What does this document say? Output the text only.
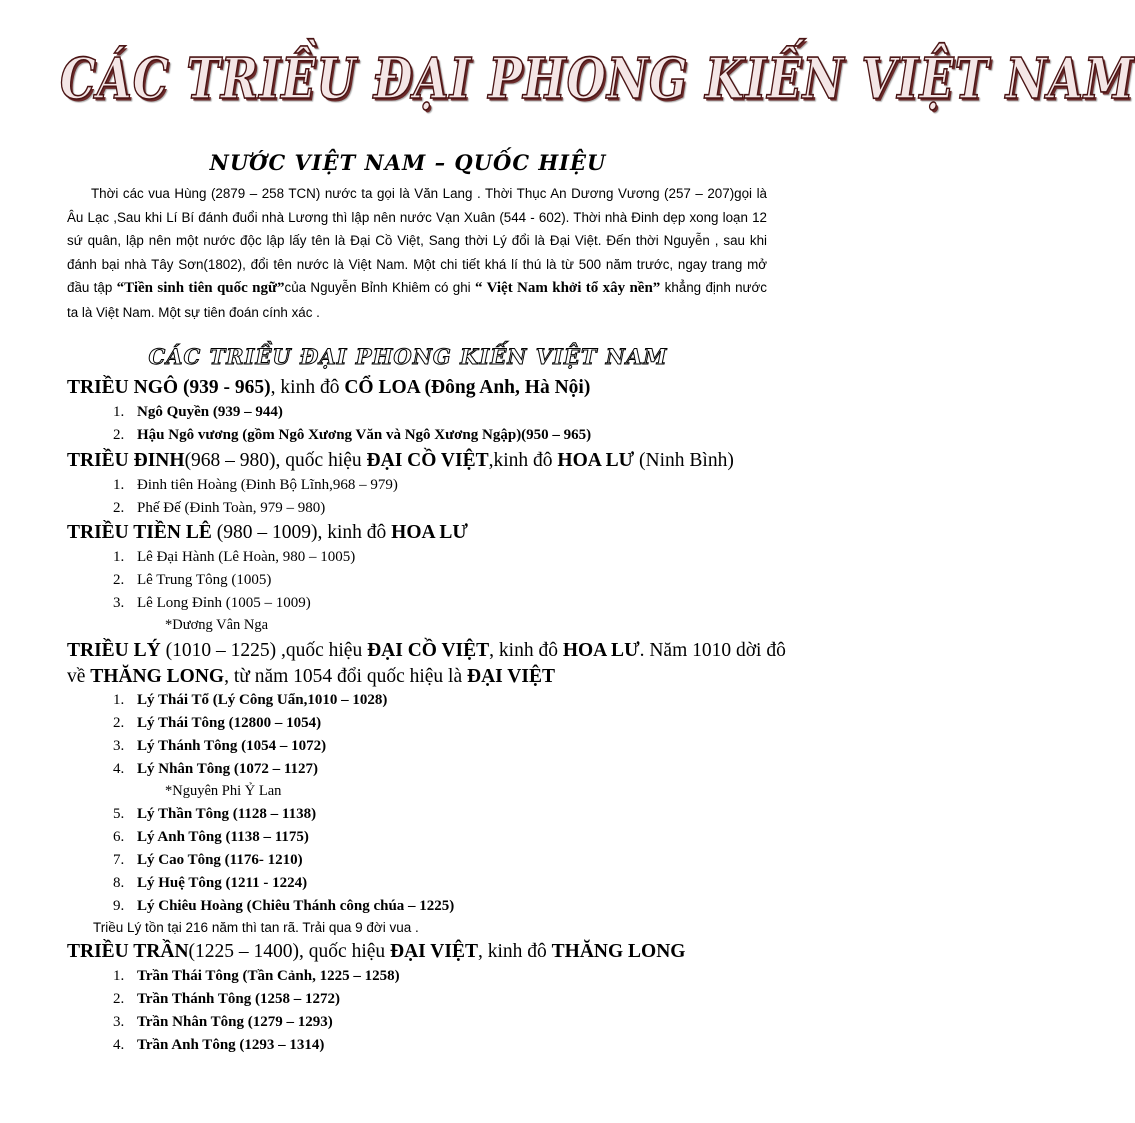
CÁC TRIỀU ĐẠI PHONG KIẾN VIỆT NAM
NƯỚC VIỆT NAM – QUỐC HIỆU

Thời các vua Hùng (2879 – 258 TCN) nước ta gọi là Văn Lang . Thời Thục An Dương Vương (257 – 207)gọi là Âu Lạc ,Sau khi Lí Bí đánh đuổi nhà Lương thì lập nên nước Vạn Xuân (544 - 602). Thời nhà Đinh dẹp xong loạn 12 sứ quân, lập nên một nước độc lập lấy tên là Đại Cồ Việt, Sang thời Lý đổi là Đại Việt. Đến thời Nguyễn , sau khi đánh bại nhà Tây Sơn(1802), đổi tên nước là Việt Nam. Một chi tiết khá lí thú là từ 500 năm trước, ngay trang mở đầu tập “Tiền sinh tiên quốc ngữ”của Nguyễn Bỉnh Khiêm có ghi “ Việt Nam khởi tổ xây nền” khẳng định nước ta là Việt Nam. Một sự tiên đoán cính xác .

CÁC TRIỀU ĐẠI PHONG KIẾN VIỆT NAM
TRIỀU NGÔ (939 - 965), kinh đô CỔ LOA (Đông Anh, Hà Nội)
1. Ngô Quyền (939 – 944)
2. Hậu Ngô vương (gồm Ngô Xương Văn và Ngô Xương Ngập)(950 – 965)
TRIỀU ĐINH(968 – 980), quốc hiệu ĐẠI CỒ VIỆT,kinh đô HOA LƯ (Ninh Bình)
1. Đinh tiên Hoàng (Đinh Bộ Lĩnh,968 – 979)
2. Phế Đế (Đinh Toàn, 979 – 980)
TRIỀU TIỀN LÊ (980 – 1009), kinh đô HOA LƯ
1. Lê Đại Hành (Lê Hoàn, 980 – 1005)
2. Lê Trung Tông (1005)
3. Lê Long Đỉnh (1005 – 1009)
*Dương Vân Nga
TRIỀU LÝ (1010 – 1225) ,quốc hiệu ĐẠI CỒ VIỆT, kinh đô HOA LƯ. Năm 1010 dời đô về THĂNG LONG, từ năm 1054 đổi quốc hiệu là ĐẠI VIỆT
1. Lý Thái Tổ (Lý Công Uẩn,1010 – 1028)
2. Lý Thái Tông (12800 – 1054)
3. Lý Thánh Tông (1054 – 1072)
4. Lý Nhân Tông (1072 – 1127)
*Nguyên Phi Ỷ Lan
5. Lý Thần Tông (1128 – 1138)
6. Lý Anh Tông (1138 – 1175)
7. Lý Cao Tông (1176- 1210)
8. Lý Huệ Tông (1211 - 1224)
9. Lý Chiêu Hoàng (Chiêu Thánh công chúa – 1225)
Triều Lý tồn tại 216 năm thì tan rã. Trải qua 9 đời vua .
TRIỀU TRẦN(1225 – 1400), quốc hiệu ĐẠI VIỆT, kinh đô THĂNG LONG
1. Trần Thái Tông (Tần Cảnh, 1225 – 1258)
2. Trần Thánh Tông (1258 – 1272)
3. Trần Nhân Tông (1279 – 1293)
4. Trần Anh Tông (1293 – 1314)
